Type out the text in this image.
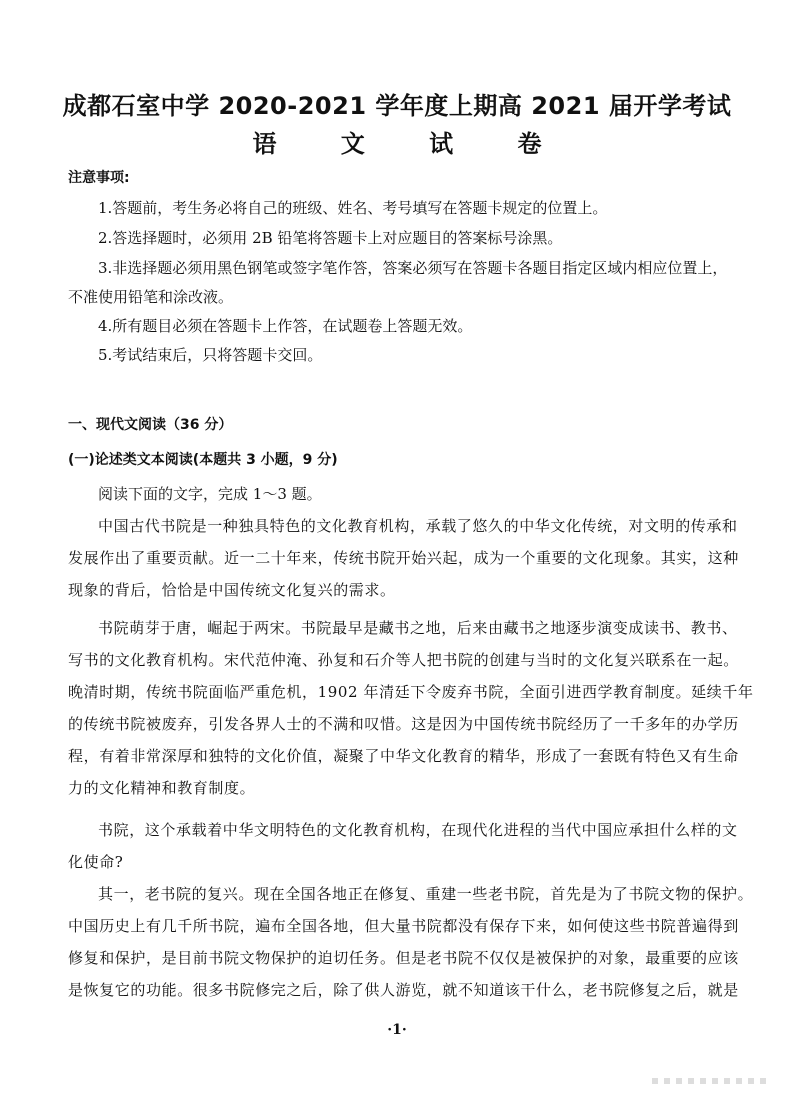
成都石室中学 2020-2021 学年度上期高 2021 届开学考试
语 文 试 卷
注意事项:
1.答题前，考生务必将自己的班级、姓名、考号填写在答题卡规定的位置上。
2.答选择题时，必须用 2B 铅笔将答题卡上对应题目的答案标号涂黑。
3.非选择题必须用黑色钢笔或签字笔作答，答案必须写在答题卡各题目指定区域内相应位置上，
不准使用铅笔和涂改液。
4.所有题目必须在答题卡上作答，在试题卷上答题无效。
5.考试结束后，只将答题卡交回。
一、现代文阅读（36 分）
(一)论述类文本阅读(本题共 3 小题，9 分)
阅读下面的文字，完成 1～3 题。
中国古代书院是一种独具特色的文化教育机构，承载了悠久的中华文化传统，对文明的传承和
发展作出了重要贡献。近一二十年来，传统书院开始兴起，成为一个重要的文化现象。其实，这种
现象的背后，恰恰是中国传统文化复兴的需求。
书院萌芽于唐，崛起于两宋。书院最早是藏书之地，后来由藏书之地逐步演变成读书、教书、
写书的文化教育机构。宋代范仲淹、孙复和石介等人把书院的创建与当时的文化复兴联系在一起。
晚清时期，传统书院面临严重危机，1902 年清廷下令废弃书院，全面引进西学教育制度。延续千年
的传统书院被废弃，引发各界人士的不满和叹惜。这是因为中国传统书院经历了一千多年的办学历
程，有着非常深厚和独特的文化价值，凝聚了中华文化教育的精华，形成了一套既有特色又有生命
力的文化精神和教育制度。
书院，这个承载着中华文明特色的文化教育机构，在现代化进程的当代中国应承担什么样的文
化使命?
其一，老书院的复兴。现在全国各地正在修复、重建一些老书院，首先是为了书院文物的保护。
中国历史上有几千所书院，遍布全国各地，但大量书院都没有保存下来，如何使这些书院普遍得到
修复和保护，是目前书院文物保护的迫切任务。但是老书院不仅仅是被保护的对象，最重要的应该
是恢复它的功能。很多书院修完之后，除了供人游览，就不知道该干什么，老书院修复之后，就是
·1·
